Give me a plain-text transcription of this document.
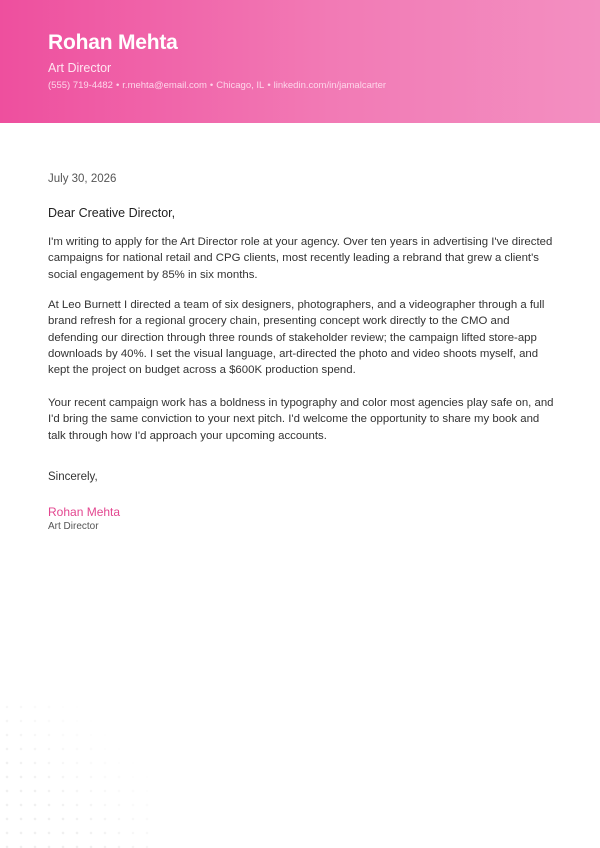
Rohan Mehta
Art Director
(555) 719-4482 • r.mehta@email.com • Chicago, IL • linkedin.com/in/jamalcarter
July 30, 2026
Dear Creative Director,
I'm writing to apply for the Art Director role at your agency. Over ten years in advertising I've directed campaigns for national retail and CPG clients, most recently leading a rebrand that grew a client's social engagement by 85% in six months.
At Leo Burnett I directed a team of six designers, photographers, and a videographer through a full brand refresh for a regional grocery chain, presenting concept work directly to the CMO and defending our direction through three rounds of stakeholder review; the campaign lifted store-app downloads by 40%. I set the visual language, art-directed the photo and video shoots myself, and kept the project on budget across a $600K production spend.
Your recent campaign work has a boldness in typography and color most agencies play safe on, and I'd bring the same conviction to your next pitch. I'd welcome the opportunity to share my book and talk through how I'd approach your upcoming accounts.
Sincerely,
Rohan Mehta
Art Director
